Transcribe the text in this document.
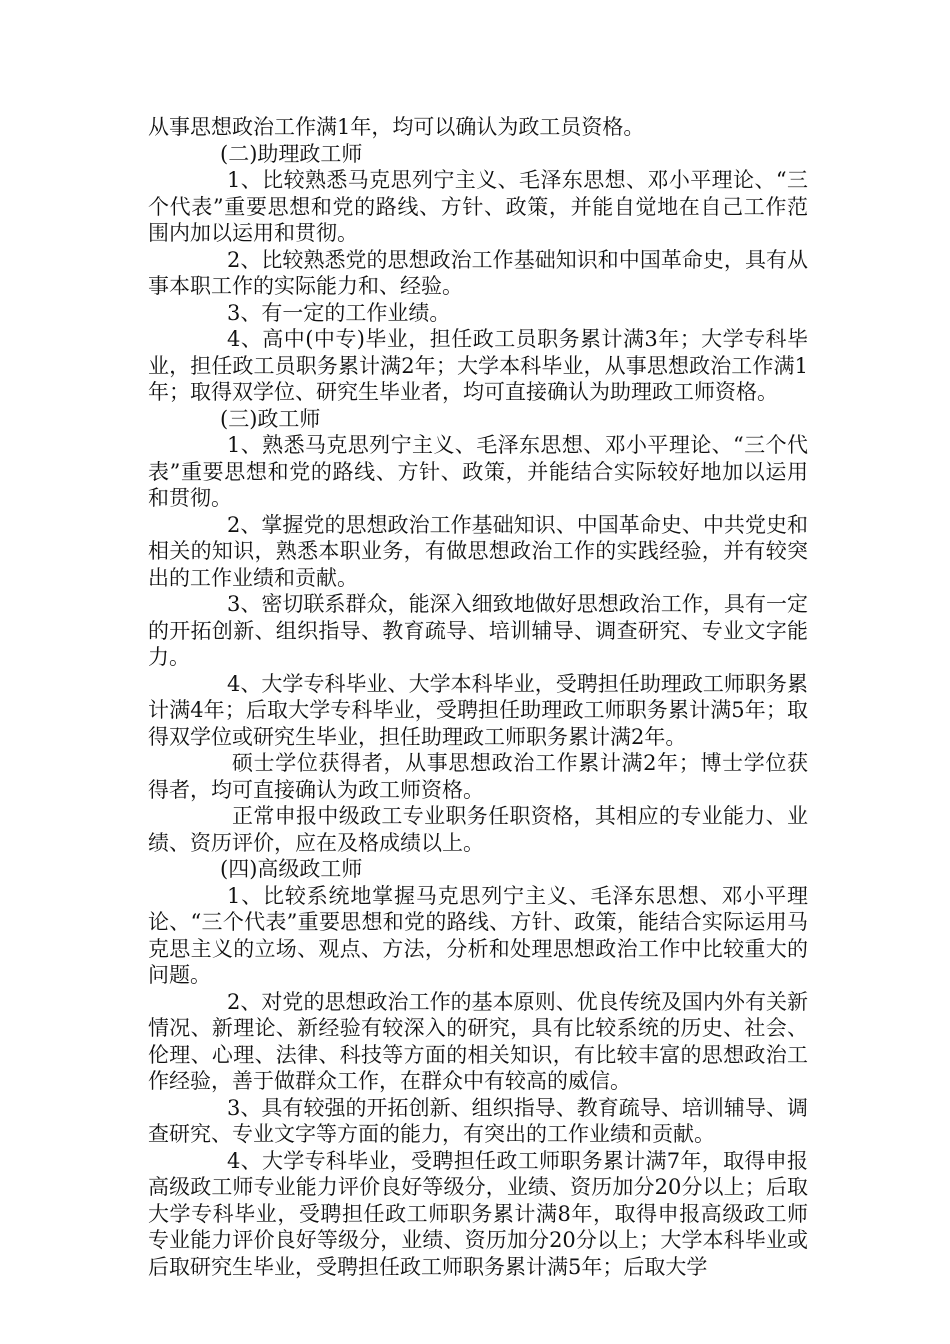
从事思想政治工作满1年，均可以确认为政工员资格。

(二)助理政工师

1、比较熟悉马克思列宁主义、毛泽东思想、邓小平理论、“三个代表”重要思想和党的路线、方针、政策，并能自觉地在自己工作范围内加以运用和贯彻。

2、比较熟悉党的思想政治工作基础知识和中国革命史，具有从事本职工作的实际能力和、经验。

3、有一定的工作业绩。

4、高中(中专)毕业，担任政工员职务累计满3年；大学专科毕业，担任政工员职务累计满2年；大学本科毕业，从事思想政治工作满1年；取得双学位、研究生毕业者，均可直接确认为助理政工师资格。

(三)政工师

1、熟悉马克思列宁主义、毛泽东思想、邓小平理论、“三个代表”重要思想和党的路线、方针、政策，并能结合实际较好地加以运用和贯彻。

2、掌握党的思想政治工作基础知识、中国革命史、中共党史和相关的知识，熟悉本职业务，有做思想政治工作的实践经验，并有较突出的工作业绩和贡献。

3、密切联系群众，能深入细致地做好思想政治工作，具有一定的开拓创新、组织指导、教育疏导、培训辅导、调查研究、专业文字能力。

4、大学专科毕业、大学本科毕业，受聘担任助理政工师职务累计满4年；后取大学专科毕业，受聘担任助理政工师职务累计满5年；取得双学位或研究生毕业，担任助理政工师职务累计满2年。

硕士学位获得者，从事思想政治工作累计满2年；博士学位获得者，均可直接确认为政工师资格。

正常申报中级政工专业职务任职资格，其相应的专业能力、业绩、资历评价，应在及格成绩以上。

(四)高级政工师

1、比较系统地掌握马克思列宁主义、毛泽东思想、邓小平理论、“三个代表”重要思想和党的路线、方针、政策，能结合实际运用马克思主义的立场、观点、方法，分析和处理思想政治工作中比较重大的问题。

2、对党的思想政治工作的基本原则、优良传统及国内外有关新情况、新理论、新经验有较深入的研究，具有比较系统的历史、社会、伦理、心理、法律、科技等方面的相关知识，有比较丰富的思想政治工作经验，善于做群众工作，在群众中有较高的威信。

3、具有较强的开拓创新、组织指导、教育疏导、培训辅导、调查研究、专业文字等方面的能力，有突出的工作业绩和贡献。

4、大学专科毕业，受聘担任政工师职务累计满7年，取得申报高级政工师专业能力评价良好等级分，业绩、资历加分20分以上；后取大学专科毕业，受聘担任政工师职务累计满8年，取得申报高级政工师专业能力评价良好等级分，业绩、资历加分20分以上；大学本科毕业或后取研究生毕业，受聘担任政工师职务累计满5年；后取大学
